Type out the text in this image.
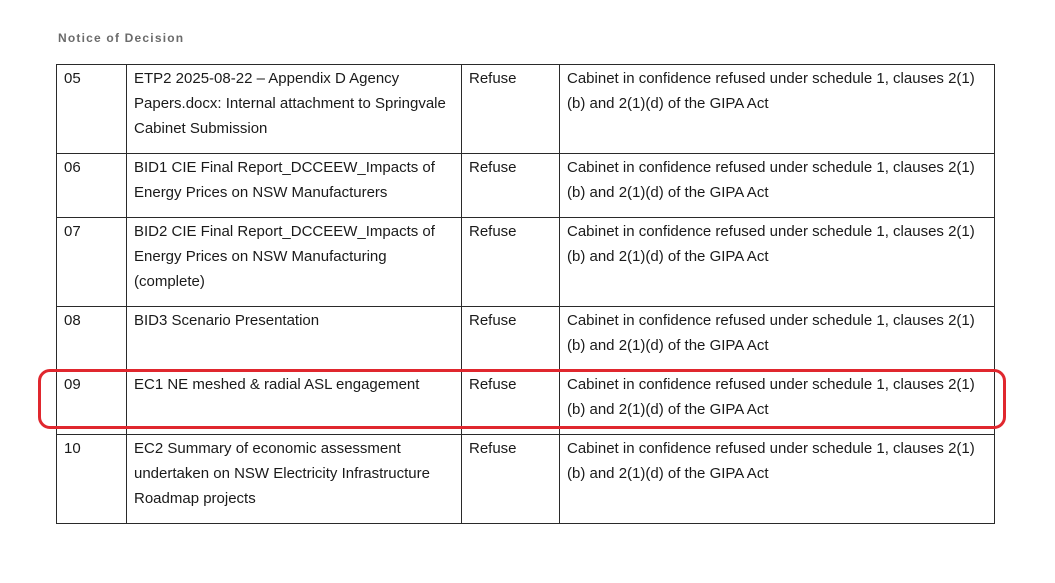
Notice of Decision
05	ETP2 2025-08-22 – Appendix D Agency Papers.docx: Internal attachment to Springvale Cabinet Submission	Refuse	Cabinet in confidence refused under schedule 1, clauses 2(1)(b) and 2(1)(d) of the GIPA Act
06	BID1 CIE Final Report_DCCEEW_Impacts of Energy Prices on NSW Manufacturers	Refuse	Cabinet in confidence refused under schedule 1, clauses 2(1)(b) and 2(1)(d) of the GIPA Act
07	BID2 CIE Final Report_DCCEEW_Impacts of Energy Prices on NSW Manufacturing (complete)	Refuse	Cabinet in confidence refused under schedule 1, clauses 2(1)(b) and 2(1)(d) of the GIPA Act
08	BID3 Scenario Presentation	Refuse	Cabinet in confidence refused under schedule 1, clauses 2(1)(b) and 2(1)(d) of the GIPA Act
09	EC1 NE meshed & radial ASL engagement	Refuse	Cabinet in confidence refused under schedule 1, clauses 2(1)(b) and 2(1)(d) of the GIPA Act
10	EC2 Summary of economic assessment undertaken on NSW Electricity Infrastructure Roadmap projects	Refuse	Cabinet in confidence refused under schedule 1, clauses 2(1)(b) and 2(1)(d) of the GIPA Act
